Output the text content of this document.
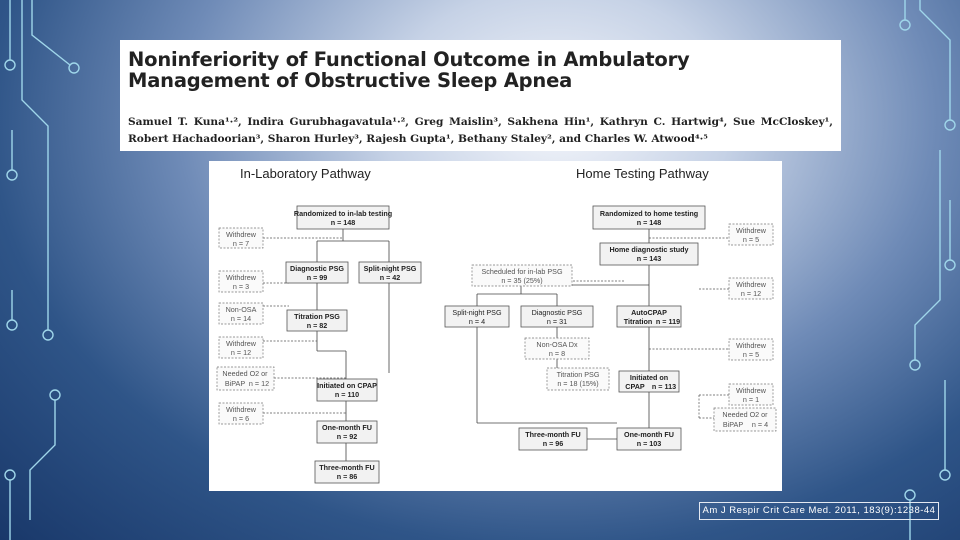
Noninferiority of Functional Outcome in Ambulatory Management of Obstructive Sleep Apnea

Samuel T. Kuna¹·², Indira Gurubhagavatula¹·², Greg Maislin³, Sakhena Hin¹, Kathryn C. Hartwig⁴, Sue McCloskey¹, Robert Hachadoorian³, Sharon Hurley³, Rajesh Gupta¹, Bethany Staley², and Charles W. Atwood⁴·⁵

In-Laboratory Pathway	Home Testing Pathway
Randomized to in-lab testing
n = 148
Withdrew
n = 7
Diagnostic PSG
n = 99
Split-night PSG
n = 42
Withdrew
n = 3
Non-OSA
n = 14	Titration PSG
n = 82
Withdrew
n = 12
Needed O2 or
BiPAP n = 12	Initiated on CPAP
n = 110
Withdrew
n = 6
One-month FU
n = 92
Three-month FU
n = 86
Randomized to home testing
n = 148
Withdrew
n = 5
Home diagnostic study
n = 143
Scheduled for in-lab PSG
n = 35 (25%)	Withdrew
n = 12
Split-night PSG
n = 4
Diagnostic PSG
n = 31
AutoCPAP
Titration n = 119
Non-OSA Dx
n = 8
Withdrew
n = 5
Titration PSG
n = 18 (15%)
Initiated on
CPAP n = 113	Withdrew
n = 1
Needed O2 or
BiPAP n = 4
Three-month FU
n = 96
One-month FU
n = 103
Am J Respir Crit Care Med. 2011, 183(9):1238-44
